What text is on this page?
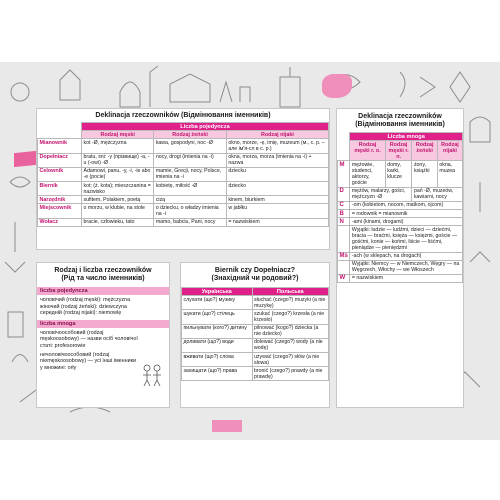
Deklinacja rzeczowników (Відмінювання іменників)
	Liczba pojedyncza		
	Rodzaj męski	Rodzaj żeński	Rodzaj nijaki
Mianownik	kot -Ø, mężczyzna	kawa, gospodyni, noc -Ø	okno, morze, -ę, imię, muzeum (м., с. р. – але ім'я-сл в с. р.)
Dopełniacz	bratu, sni: -у (прізвище) -a, -u (-owi) -Ø	nocy, drogi (imienia na -i)	okna, morza, morza (imienia na -i) + nazwa
Celownik	Adamowi, panu, -у, -i, -ie abo -e (pocie)	mamie, Grecji, nocy, Polsce, imienia na -i	dziecku
Biernik	kot; (ż. kota); mieszczanina = nazwisko	kobietę, miłość -Ø	dziecko
Narzędnik	sufitem, Polakiem, poetą	cizą	kinem, biurkiem
Miejscownik	o morzu, w klubie, na stole	o dziecku, o władzy imienia na -i	w jabłku
Wołacz	bracie, człowieku, tato	mamo, babciu, Pani, nocy	= nazwiskiem
Deklinacja rzeczowników (Відмінювання іменників)
	Liczba mnoga			
	Rodzaj męski r. o.	Rodzaj męski r. n.	Rodzaj żeński	Rodzaj nijaki
M	mężowie, studenci, aktorzy, goście	domy, karki, klucze	żony, książki	okna, muzea
D	mężów, malarzy, gości, mężczyzn -Ø		pań -Ø, muzeów, kawiarni, nocy	
C	-om (kobietom, nocom, matkom, ojcom)			
B	= rodownik = mianownik			
N	-ami (kinami, drogami)			
	Wyjątki: ludzie — ludźmi, dzieci — dziećmi, bracia — braćmi, księża — księżmi, goście — gośćmi, konie — końmi, liście — liśćmi, pieniądze — pieniędzmi			
Ms	-ach (w sklepach, na drogach)			
	Wyjątki: Niemcy — w Niemczech, Węgry — na Węgrzech, Włochy — we Włoszech			
W	= nazwiskiem			
Rodzaj i liczba rzeczowników
(Рід та число іменників)
liczba pojedyncza
чоловічий (rodzaj męski): mężczyzna
жіночий (rodzaj żeński): dziewczyna
середній (rodzaj nijaki): niemowlę
liczba mnoga
чоловічоособовий (rodzaj męskoosobowy) — назви осіб чоловічої статі: profesorowie
нечоловічоособовий (rodzaj niemęskoosobowy) — усі інші іменники у множині: orły
Biernik czy Dopełniacz?
(Знахідний чи родовий?)
Українська	Польська
слухати (що?) музику	słuchać (czego?) muzyki (a nie muzykę)
шукати (що?) стілець	szukać (czego?) krzesła (a nie krzesło)
пильнувати (кого?) дитину	pilnować (kogo?) dziecka (a nie dziecko)
доливати (що?) води	dolewać (czego?) wody (a nie wodę)
вживати (що?) слова	używać (czego?) słów (a nie słowa)
захищати (що?) права	bronić (czego?) prawdy (a nie prawdę)
